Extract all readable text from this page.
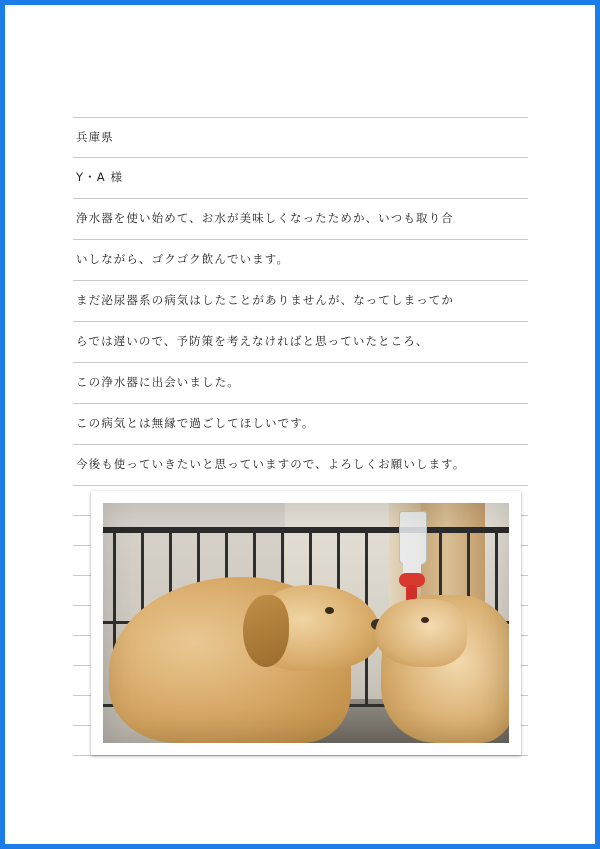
兵庫県
Y・A 様
浄水器を使い始めて、お水が美味しくなったためか、いつも取り合
いしながら、ゴクゴク飲んでいます。
まだ泌尿器系の病気はしたことがありませんが、なってしまってか
らでは遅いので、予防策を考えなければと思っていたところ、
この浄水器に出会いました。
この病気とは無縁で過ごしてほしいです。
今後も使っていきたいと思っていますので、よろしくお願いします。
